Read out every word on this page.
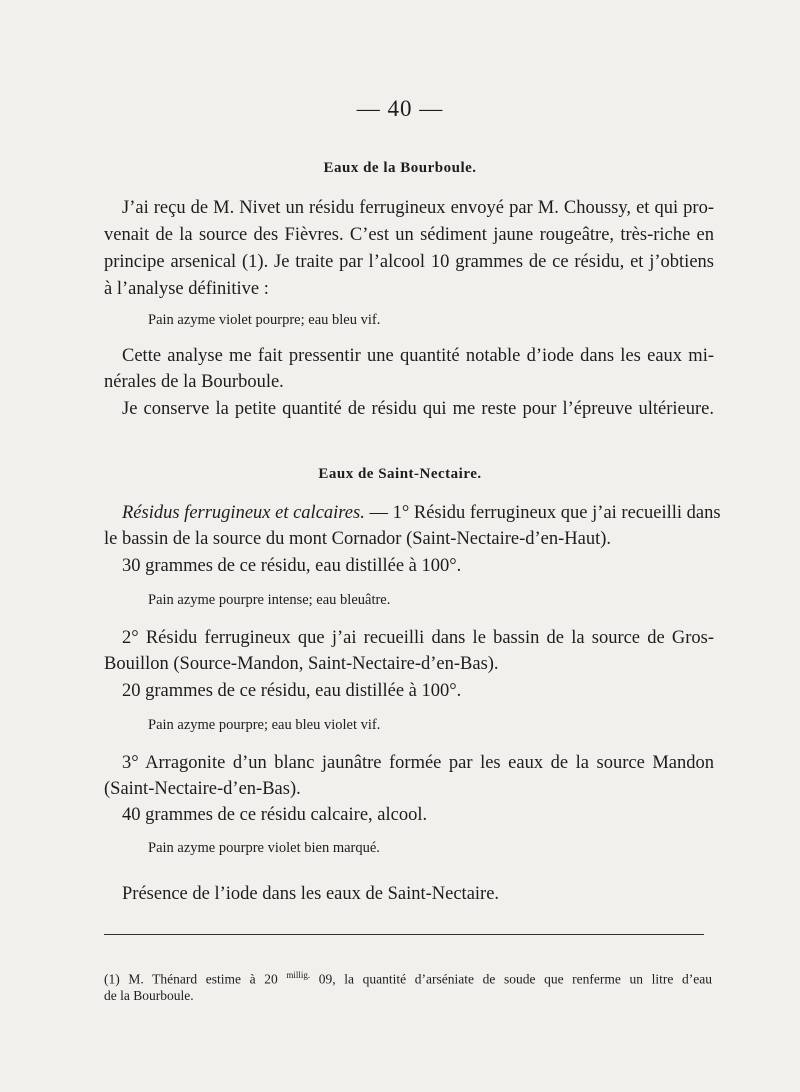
— 40 —
Eaux de la Bourboule.
J’ai reçu de M. Nivet un résidu ferrugineux envoyé par M. Choussy, et qui pro-
venait de la source des Fièvres. C’est un sédiment jaune rougeâtre, très-riche en
principe arsenical (1). Je traite par l’alcool 10 grammes de ce résidu, et j’obtiens
à l’analyse définitive :
Pain azyme violet pourpre; eau bleu vif.
Cette analyse me fait pressentir une quantité notable d’iode dans les eaux mi-
nérales de la Bourboule.
Je conserve la petite quantité de résidu qui me reste pour l’épreuve ultérieure.
Eaux de Saint-Nectaire.
Résidus ferrugineux et calcaires. — 1° Résidu ferrugineux que j’ai recueilli dans
le bassin de la source du mont Cornador (Saint-Nectaire-d’en-Haut).
30 grammes de ce résidu, eau distillée à 100°.
Pain azyme pourpre intense; eau bleuâtre.
2° Résidu ferrugineux que j’ai recueilli dans le bassin de la source de Gros-
Bouillon (Source-Mandon, Saint-Nectaire-d’en-Bas).
20 grammes de ce résidu, eau distillée à 100°.
Pain azyme pourpre; eau bleu violet vif.
3° Arragonite d’un blanc jaunâtre formée par les eaux de la source Mandon
(Saint-Nectaire-d’en-Bas).
40 grammes de ce résidu calcaire, alcool.
Pain azyme pourpre violet bien marqué.
Présence de l’iode dans les eaux de Saint-Nectaire.
(1) M. Thénard estime à 20 $^{millig.}$ 09, la quantité d’arséniate de soude que renferme un litre d’eau
de la Bourboule.
